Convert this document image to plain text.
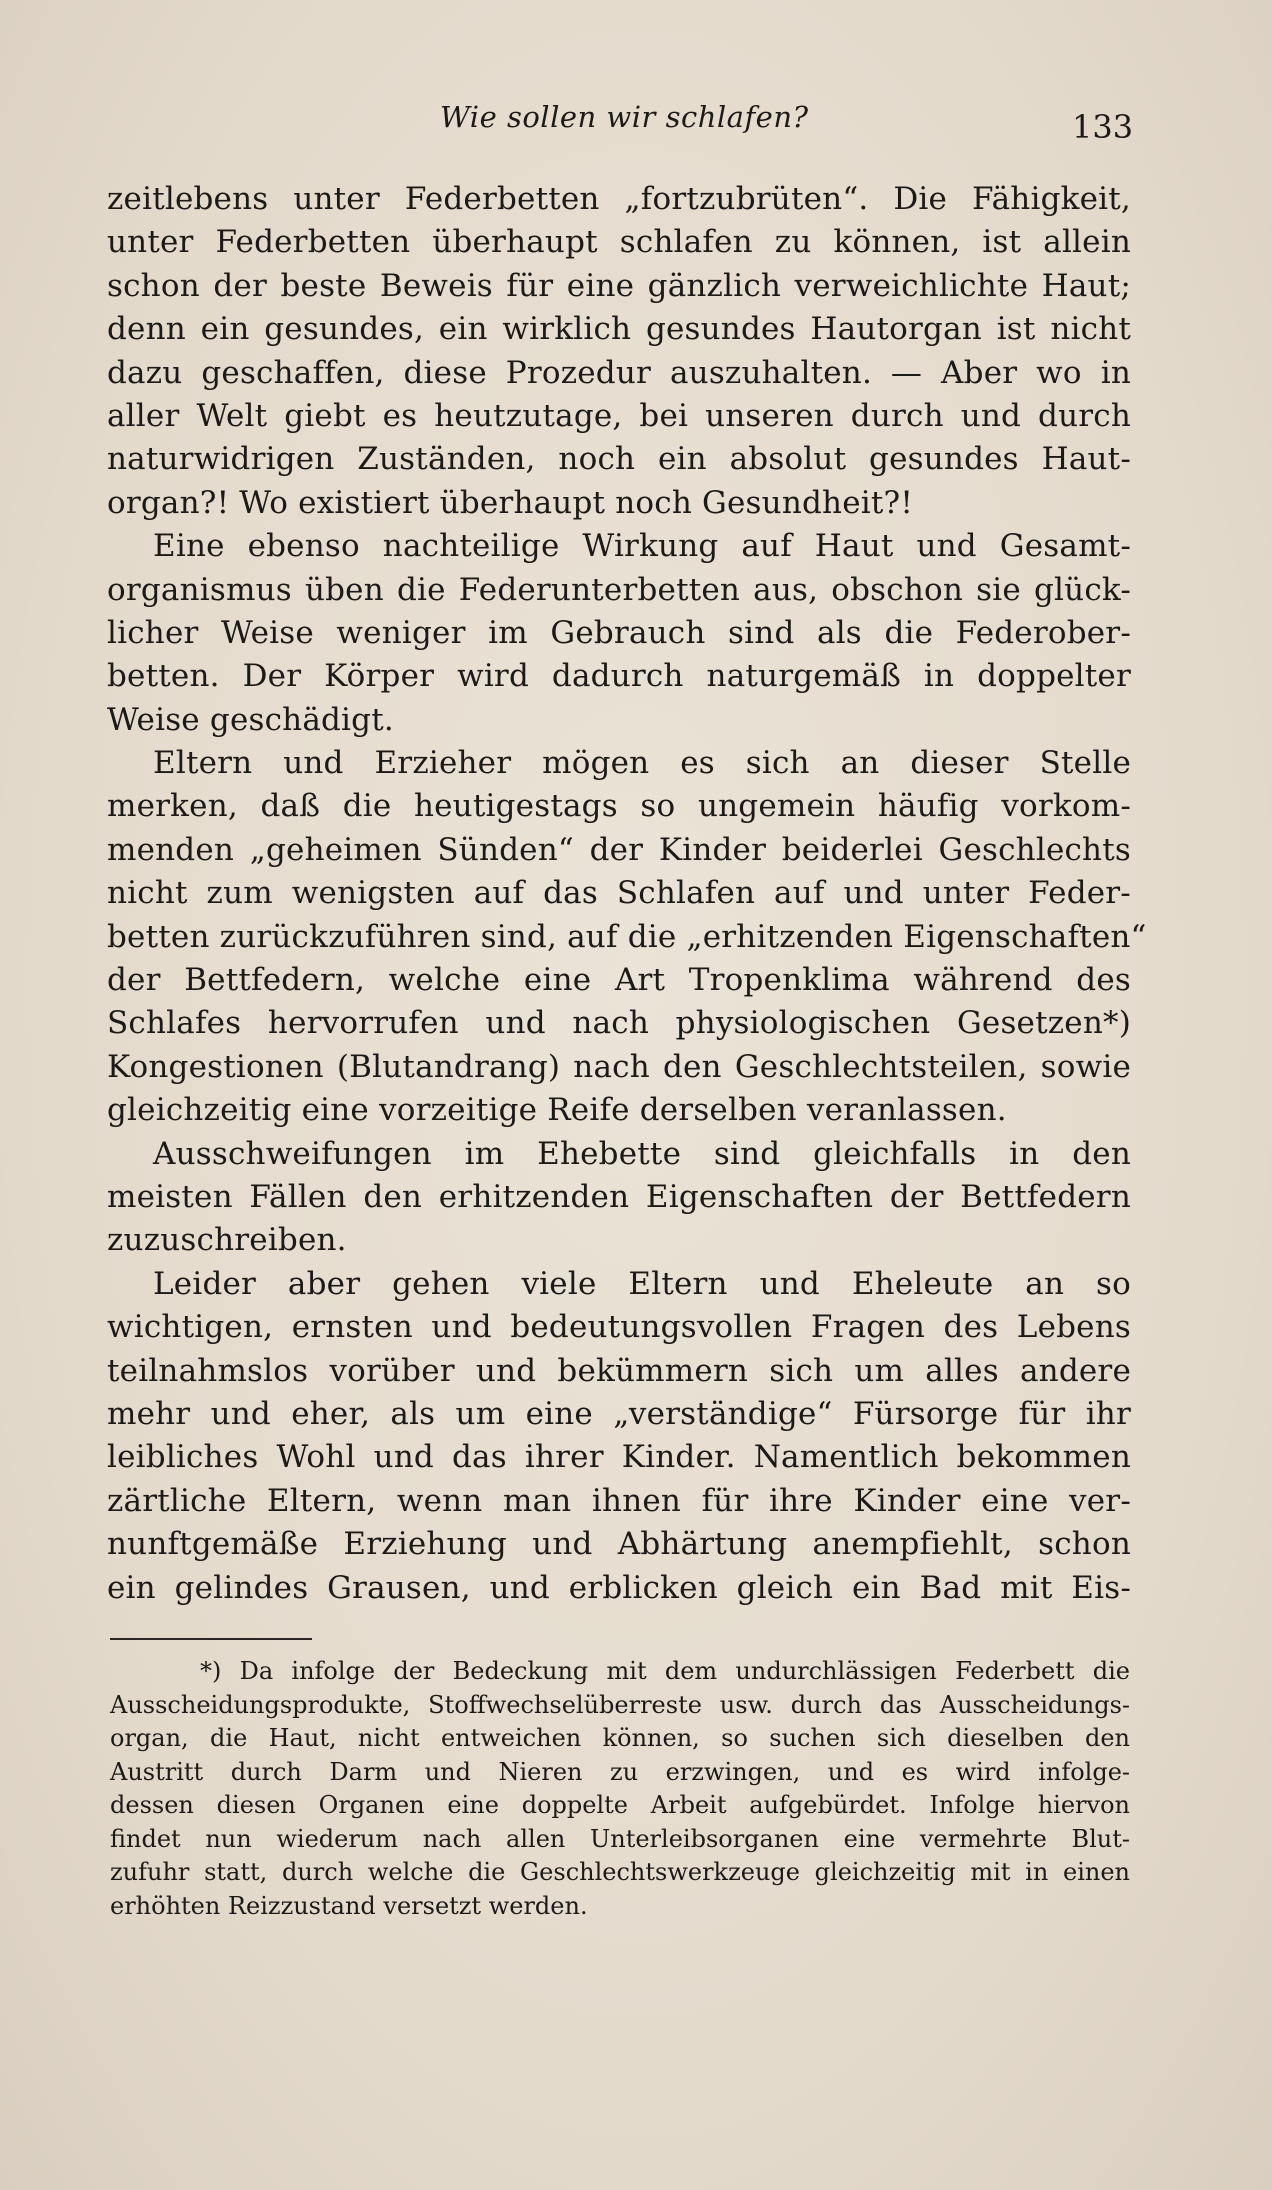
Wie sollen wir schlafen?	133
zeitlebens unter Federbetten „fortzubrüten“. Die Fähigkeit,
unter Federbetten überhaupt schlafen zu können, ist allein
schon der beste Beweis für eine gänzlich verweichlichte Haut;
denn ein gesundes, ein wirklich gesundes Hautorgan ist nicht
dazu geschaffen, diese Prozedur auszuhalten. — Aber wo in
aller Welt giebt es heutzutage, bei unseren durch und durch
naturwidrigen Zuständen, noch ein absolut gesundes Haut-
organ?! Wo existiert überhaupt noch Gesundheit?!
Eine ebenso nachteilige Wirkung auf Haut und Gesamt-
organismus üben die Federunterbetten aus, obschon sie glück-
licher Weise weniger im Gebrauch sind als die Federober-
betten. Der Körper wird dadurch naturgemäß in doppelter
Weise geschädigt.
Eltern und Erzieher mögen es sich an dieser Stelle
merken, daß die heutigestags so ungemein häufig vorkom-
menden „geheimen Sünden“ der Kinder beiderlei Geschlechts
nicht zum wenigsten auf das Schlafen auf und unter Feder-
betten zurückzuführen sind, auf die „erhitzenden Eigenschaften“
der Bettfedern, welche eine Art Tropenklima während des
Schlafes hervorrufen und nach physiologischen Gesetzen*)
Kongestionen (Blutandrang) nach den Geschlechtsteilen, sowie
gleichzeitig eine vorzeitige Reife derselben veranlassen.
Ausschweifungen im Ehebette sind gleichfalls in den
meisten Fällen den erhitzenden Eigenschaften der Bettfedern
zuzuschreiben.
Leider aber gehen viele Eltern und Eheleute an so
wichtigen, ernsten und bedeutungsvollen Fragen des Lebens
teilnahmslos vorüber und bekümmern sich um alles andere
mehr und eher, als um eine „verständige“ Fürsorge für ihr
leibliches Wohl und das ihrer Kinder. Namentlich bekommen
zärtliche Eltern, wenn man ihnen für ihre Kinder eine ver-
nunftgemäße Erziehung und Abhärtung anempfiehlt, schon
ein gelindes Grausen, und erblicken gleich ein Bad mit Eis-
*) Da infolge der Bedeckung mit dem undurchlässigen Federbett die
Ausscheidungsprodukte, Stoffwechselüberreste usw. durch das Ausscheidungs-
organ, die Haut, nicht entweichen können, so suchen sich dieselben den
Austritt durch Darm und Nieren zu erzwingen, und es wird infolge-
dessen diesen Organen eine doppelte Arbeit aufgebürdet. Infolge hiervon
findet nun wiederum nach allen Unterleibsorganen eine vermehrte Blut-
zufuhr statt, durch welche die Geschlechtswerkzeuge gleichzeitig mit in einen
erhöhten Reizzustand versetzt werden.
